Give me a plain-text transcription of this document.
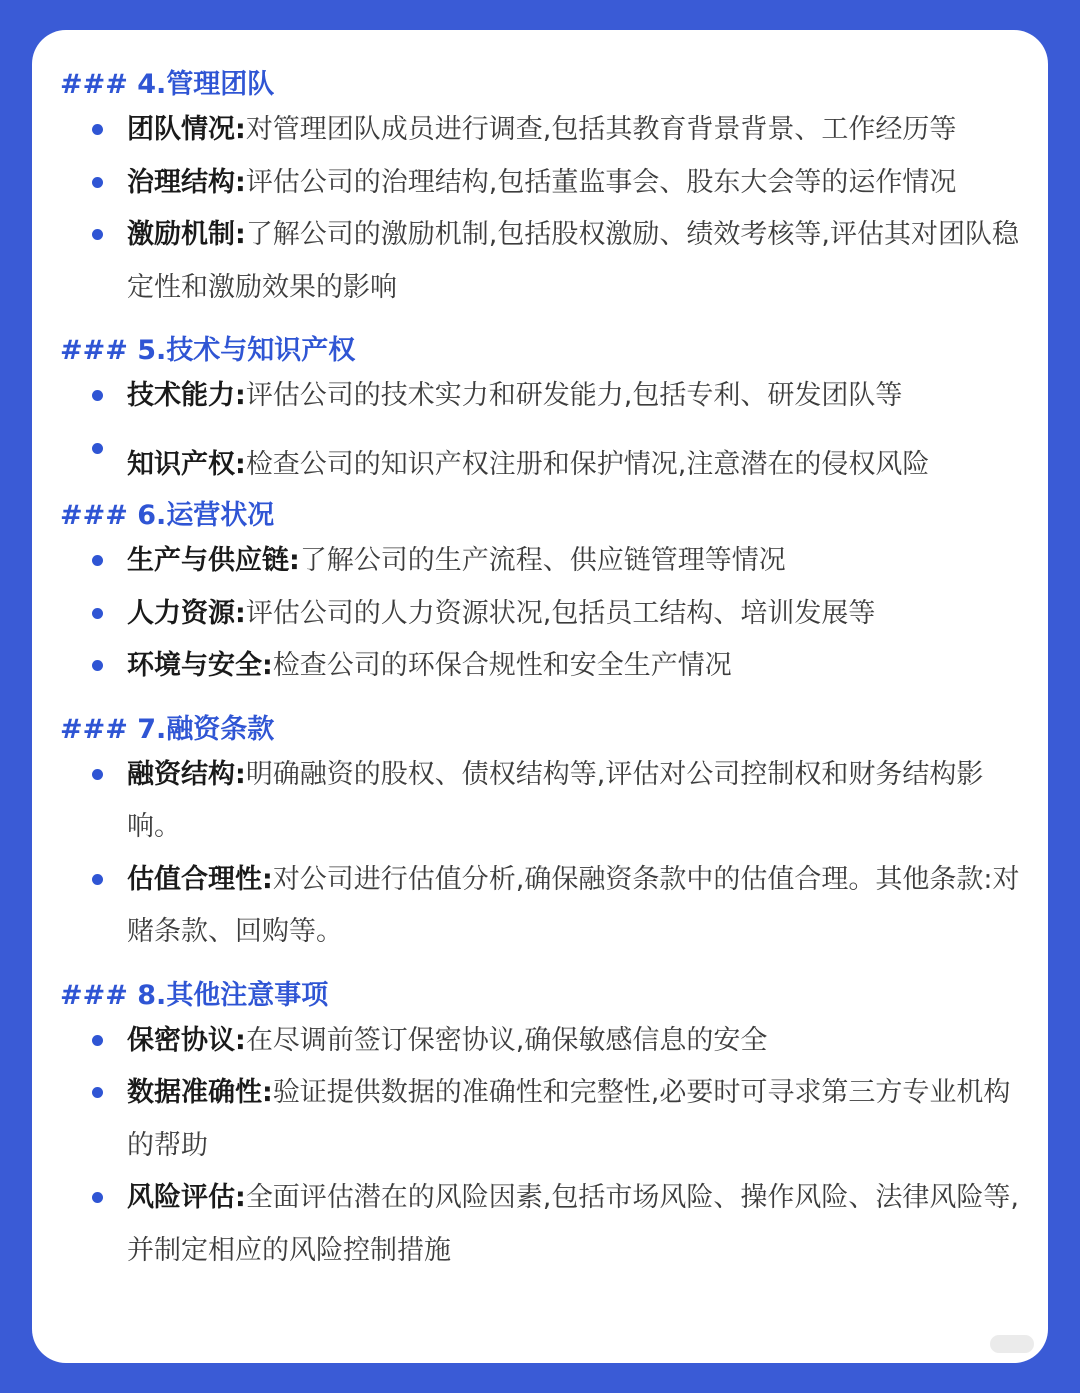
### 4.管理团队
团队情况:对管理团队成员进行调查,包括其教育背景背景、工作经历等
治理结构:评估公司的治理结构,包括董监事会、股东大会等的运作情况
激励机制:了解公司的激励机制,包括股权激励、绩效考核等,评估其对团队稳定性和激励效果的影响
### 5.技术与知识产权
技术能力:评估公司的技术实力和研发能力,包括专利、研发团队等
知识产权:检查公司的知识产权注册和保护情况,注意潜在的侵权风险
### 6.运营状况
生产与供应链:了解公司的生产流程、供应链管理等情况
人力资源:评估公司的人力资源状况,包括员工结构、培训发展等
环境与安全:检查公司的环保合规性和安全生产情况
### 7.融资条款
融资结构:明确融资的股权、债权结构等,评估对公司控制权和财务结构影响。
估值合理性:对公司进行估值分析,确保融资条款中的估值合理。其他条款:对赌条款、回购等。
### 8.其他注意事项
保密协议:在尽调前签订保密协议,确保敏感信息的安全
数据准确性:验证提供数据的准确性和完整性,必要时可寻求第三方专业机构的帮助
风险评估:全面评估潜在的风险因素,包括市场风险、操作风险、法律风险等,并制定相应的风险控制措施
